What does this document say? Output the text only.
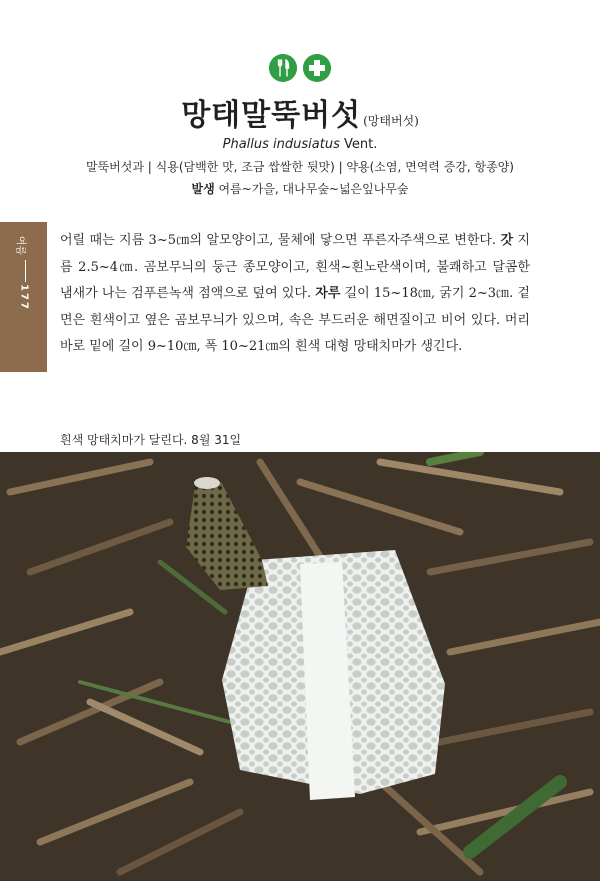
망태말뚝버섯 (망태버섯)
Phallus indusiatus Vent.
말뚝버섯과 | 식용(담백한 맛, 조금 쌉쌀한 뒷맛) | 약용(소염, 면역력 증강, 항종양)
발생 여름~가을, 대나무숲~넓은잎나무숲
여름
177
어릴 때는 지름 3~5㎝의 알모양이고, 물체에 닿으면 푸른자주색으로 변한다. 갓 지름 2.5~4㎝. 곰보무늬의 둥근 종모양이고, 흰색~흰노란색이며, 불쾌하고 달콤한 냄새가 나는 검푸른녹색 점액으로 덮여 있다. 자루 길이 15~18㎝, 굵기 2~3㎝. 겉면은 흰색이고 옆은 곰보무늬가 있으며, 속은 부드러운 해면질이고 비어 있다. 머리 바로 밑에 길이 9~10㎝, 폭 10~21㎝의 흰색 대형 망태치마가 생긴다.
흰색 망태치마가 달린다. 8월 31일
